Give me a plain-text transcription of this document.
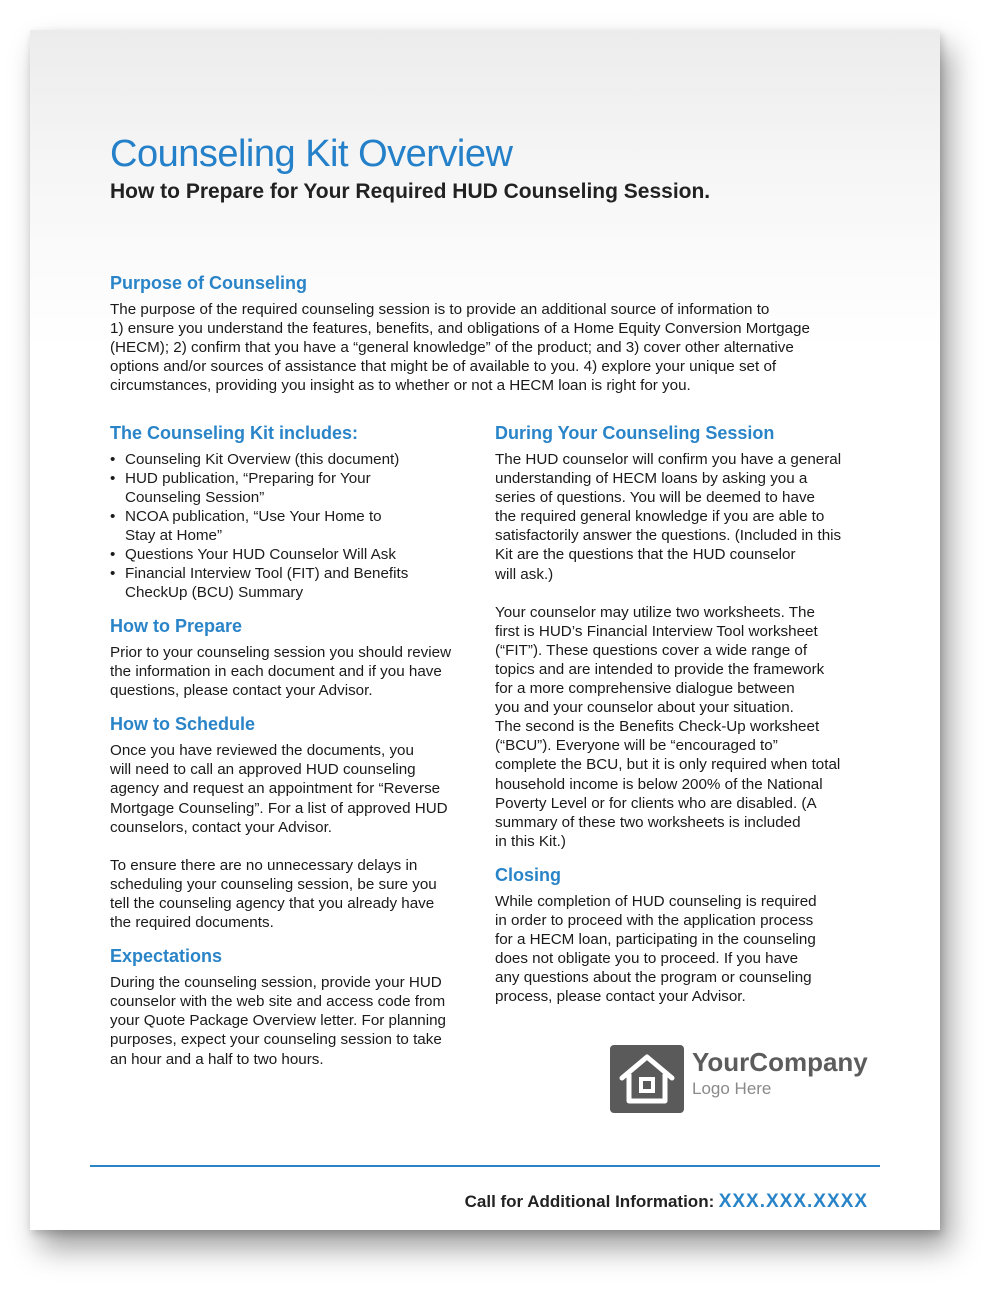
Counseling Kit Overview
How to Prepare for Your Required HUD Counseling Session.
Purpose of Counseling
The purpose of the required counseling session is to provide an additional source of information to
1) ensure you understand the features, benefits, and obligations of a Home Equity Conversion Mortgage
(HECM); 2) confirm that you have a “general knowledge” of the product; and 3) cover other alternative
options and/or sources of assistance that might be of available to you. 4) explore your unique set of
circumstances, providing you insight as to whether or not a HECM loan is right for you.
The Counseling Kit includes:
• Counseling Kit Overview (this document)
• HUD publication, “Preparing for Your
Counseling Session”
• NCOA publication, “Use Your Home to
Stay at Home”
• Questions Your HUD Counselor Will Ask
• Financial Interview Tool (FIT) and Benefits
CheckUp (BCU) Summary
How to Prepare
Prior to your counseling session you should review
the information in each document and if you have
questions, please contact your Advisor.
How to Schedule
Once you have reviewed the documents, you
will need to call an approved HUD counseling
agency and request an appointment for “Reverse
Mortgage Counseling”. For a list of approved HUD
counselors, contact your Advisor.
To ensure there are no unnecessary delays in
scheduling your counseling session, be sure you
tell the counseling agency that you already have
the required documents.
Expectations
During the counseling session, provide your HUD
counselor with the web site and access code from
your Quote Package Overview letter. For planning
purposes, expect your counseling session to take
an hour and a half to two hours.
During Your Counseling Session
The HUD counselor will confirm you have a general
understanding of HECM loans by asking you a
series of questions. You will be deemed to have
the required general knowledge if you are able to
satisfactorily answer the questions. (Included in this
Kit are the questions that the HUD counselor
will ask.)
Your counselor may utilize two worksheets. The
first is HUD’s Financial Interview Tool worksheet
(“FIT”). These questions cover a wide range of
topics and are intended to provide the framework
for a more comprehensive dialogue between
you and your counselor about your situation.
The second is the Benefits Check-Up worksheet
(“BCU”). Everyone will be “encouraged to”
complete the BCU, but it is only required when total
household income is below 200% of the National
Poverty Level or for clients who are disabled. (A
summary of these two worksheets is included
in this Kit.)
Closing
While completion of HUD counseling is required
in order to proceed with the application process
for a HECM loan, participating in the counseling
does not obligate you to proceed. If you have
any questions about the program or counseling
process, please contact your Advisor.
YourCompany
Logo Here
Call for Additional Information: XXX.XXX.XXXX
